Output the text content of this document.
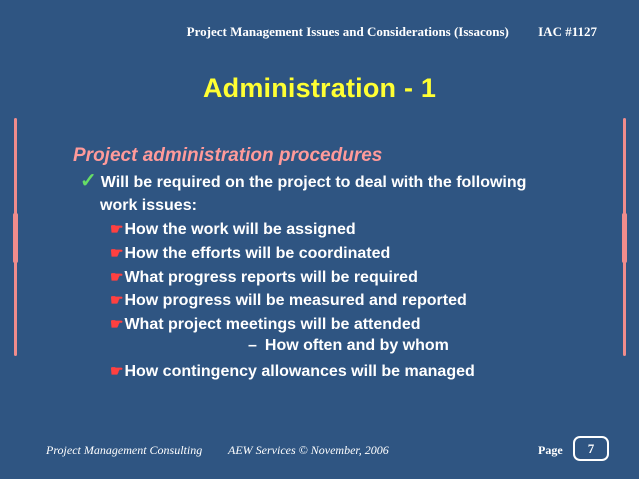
Project Management Issues and Considerations (Issacons) IAC #1127
Administration - 1
Project administration procedures
✓ Will be required on the project to deal with the following
work issues:
☛How the work will be assigned
☛How the efforts will be coordinated
☛What progress reports will be required
☛How progress will be measured and reported
☛What project meetings will be attended
– How often and by whom
☛How contingency allowances will be managed
Project Management Consulting AEW Services © November, 2006	Page 7
